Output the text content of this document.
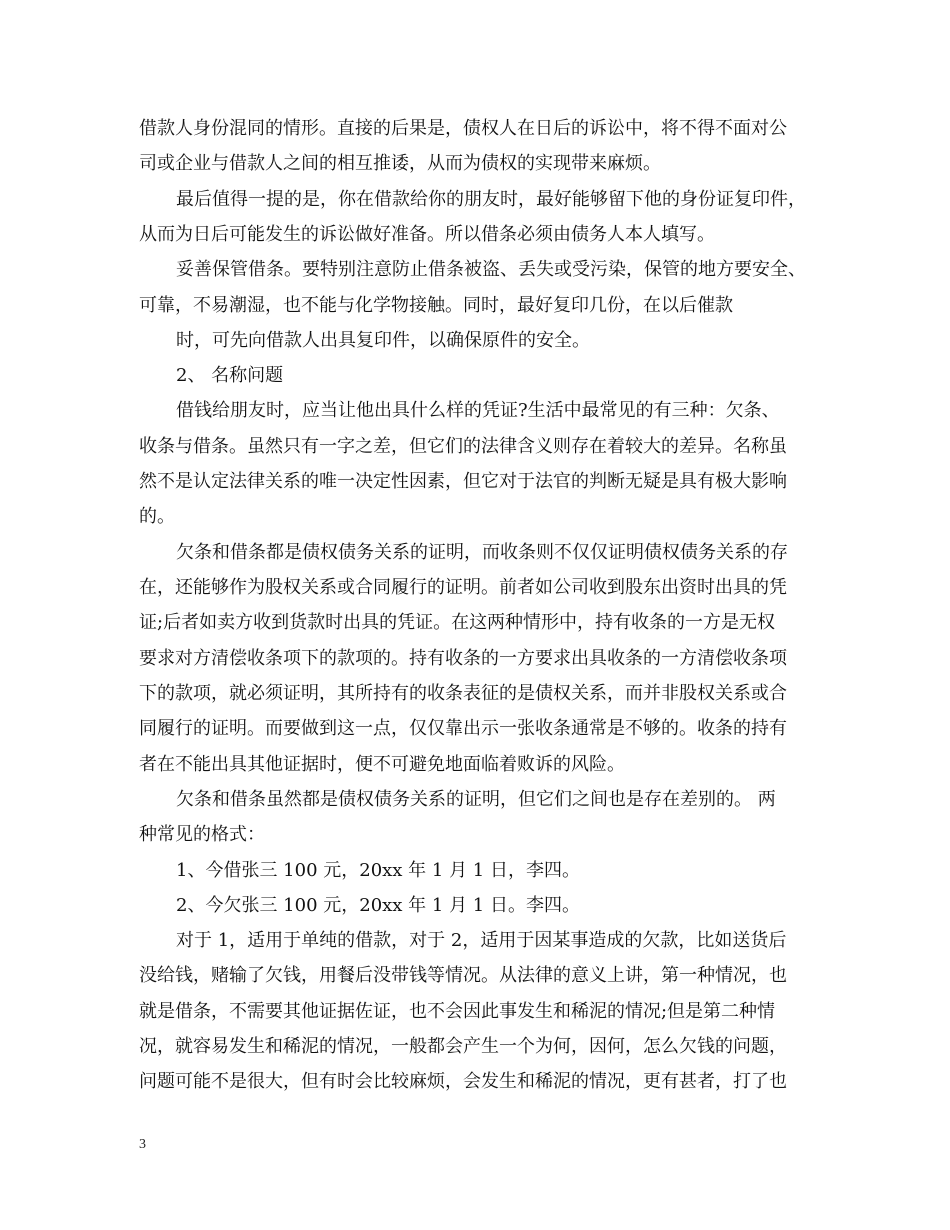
借款人身份混同的情形。直接的后果是，债权人在日后的诉讼中，将不得不面对公
司或企业与借款人之间的相互推诿，从而为债权的实现带来麻烦。
最后值得一提的是，你在借款给你的朋友时，最好能够留下他的身份证复印件，
从而为日后可能发生的诉讼做好准备。所以借条必须由债务人本人填写。
妥善保管借条。要特别注意防止借条被盗、丢失或受污染，保管的地方要安全、
可靠，不易潮湿，也不能与化学物接触。同时，最好复印几份，在以后催款
时，可先向借款人出具复印件，以确保原件的安全。
2、 名称问题
借钱给朋友时，应当让他出具什么样的凭证?生活中最常见的有三种：欠条、
收条与借条。虽然只有一字之差，但它们的法律含义则存在着较大的差异。名称虽
然不是认定法律关系的唯一决定性因素，但它对于法官的判断无疑是具有极大影响
的。
欠条和借条都是债权债务关系的证明，而收条则不仅仅证明债权债务关系的存
在，还能够作为股权关系或合同履行的证明。前者如公司收到股东出资时出具的凭
证;后者如卖方收到货款时出具的凭证。在这两种情形中，持有收条的一方是无权
要求对方清偿收条项下的款项的。持有收条的一方要求出具收条的一方清偿收条项
下的款项，就必须证明，其所持有的收条表征的是债权关系，而并非股权关系或合
同履行的证明。而要做到这一点，仅仅靠出示一张收条通常是不够的。收条的持有
者在不能出具其他证据时，便不可避免地面临着败诉的风险。
欠条和借条虽然都是债权债务关系的证明，但它们之间也是存在差别的。 两
种常见的格式：
1、今借张三 100 元，20xx 年 1 月 1 日，李四。
2、今欠张三 100 元，20xx 年 1 月 1 日。李四。
对于 1，适用于单纯的借款，对于 2，适用于因某事造成的欠款，比如送货后
没给钱，赌输了欠钱，用餐后没带钱等情况。从法律的意义上讲，第一种情况，也
就是借条，不需要其他证据佐证，也不会因此事发生和稀泥的情况;但是第二种情
况，就容易发生和稀泥的情况，一般都会产生一个为何，因何，怎么欠钱的问题，
问题可能不是很大，但有时会比较麻烦，会发生和稀泥的情况，更有甚者，打了也
3
